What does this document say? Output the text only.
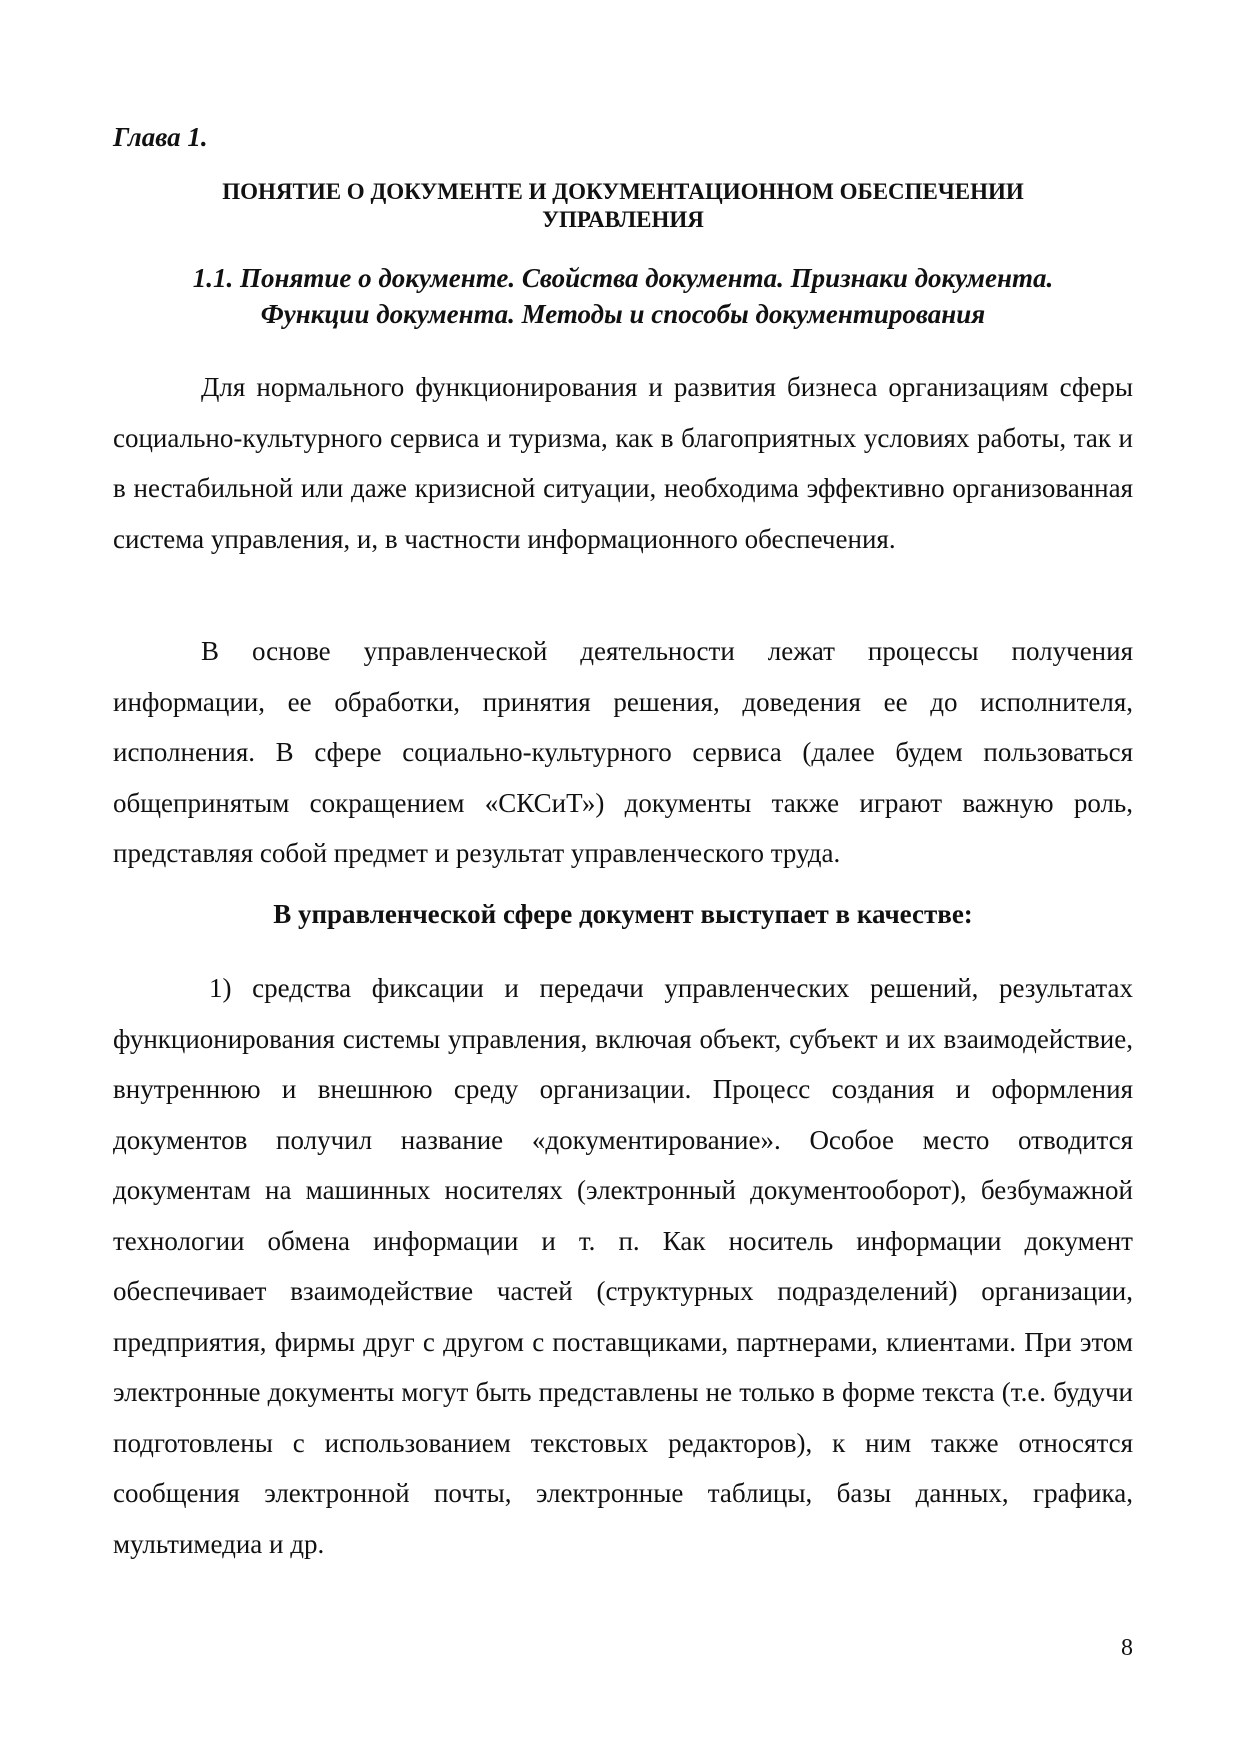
Глава 1.

ПОНЯТИЕ О ДОКУМЕНТЕ И ДОКУМЕНТАЦИОННОМ ОБЕСПЕЧЕНИИ
УПРАВЛЕНИЯ
1.1. Понятие о документе. Свойства документа. Признаки документа.
Функции документа. Методы и способы документирования

Для нормального функционирования и развития бизнеса организациям сферы социально-культурного сервиса и туризма, как в благоприятных условиях работы, так и в нестабильной или даже кризисной ситуации, необходима эффективно организованная система управления, и, в частности информационного обеспечения.

В основе управленческой деятельности лежат процессы получения информации, ее обработки, принятия решения, доведения ее до исполнителя, исполнения. В сфере социально-культурного сервиса (далее будем пользоваться общепринятым сокращением «СКСиТ») документы также играют важную роль, представляя собой предмет и результат управленческого труда.

В управленческой сфере документ выступает в качестве:

1) средства фиксации и передачи управленческих решений, результатах функционирования системы управления, включая объект, субъект и их взаимодействие, внутреннюю и внешнюю среду организации. Процесс создания и оформления документов получил название «документирование». Особое место отводится документам на машинных носителях (электронный документооборот), безбумажной технологии обмена информации и т. п. Как носитель информации документ обеспечивает взаимодействие частей (структурных подразделений) организации, предприятия, фирмы друг с другом с поставщиками, партнерами, клиентами. При этом электронные документы могут быть представлены не только в форме текста (т.е. будучи подготовлены с использованием текстовых редакторов), к ним также относятся сообщения электронной почты, электронные таблицы, базы данных, графика, мультимедиа и др.

8
